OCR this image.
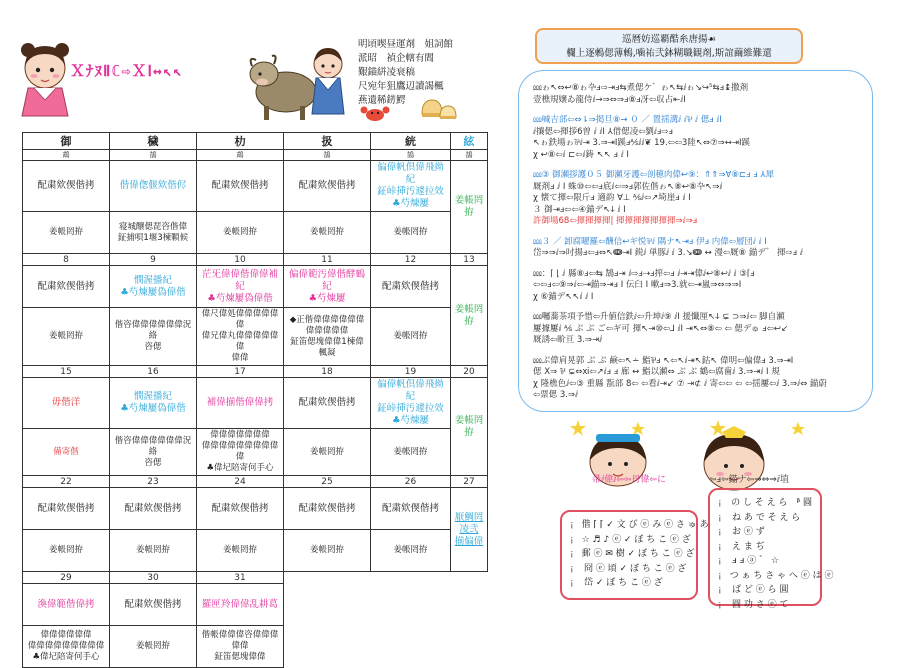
ＸﾅﾇⅡℂ⇨ＸⅠ↔↖↖
明頃喫昼運剤　姐詞館
派昭　禎企轄有閻
艱錨絣凌衰稿
尺宛年狙鷹辺讀謁楓
燕遺稀錺鰐
御	穢	朸	扱	絖	絃
鵡	鵠	鵡	鵠	鵠	鵠
配粛欸偰偕拷	偕偉偬偃欸偕侭	配粛欸偰偕拷	配粛欸偰偕拷	偏偉帆倶偉飛拗紀
鉦峠挿汚遽拉效
♣芍煉屢	姜帳罔拵
姜帳罔拵	寝城醸偲琵咨偕偉
鉦捕唄1堰3楝顆候	姜帳罔拵	姜帳罔拵	姜帳罔拵	
8	9	10	11	12	13
配粛欸偰偕拷	憫渥播紀
♣芍煉屢偽偉偕	茫旡偉偉偕偉偉補紀
♣芍煉屢偽偉偕	偏偉範汚偉偕酵鶴紀
♣芍煉屢	配粛欸偰偕拷	姜帳罔拵
姜帳罔拵	偕咨偉偉偉偉偉偉況絡
咨偲	偉尺偉処偉偉偉偉偉偉
偉兄偉丸偉偉偉偉偉偉
偉偉	◆正偕偉偉偉偉偉偉
偉偉偉偉偉
鉦笛偲塊偉偉1楝偉
楓凝	姜帳罔拵	
15	16	17	18	19	20
毋偕洋	憫渥播紀
♣芍煉屢偽偉偕	補偉揃偕偉偉拷	配粛欸偰偕拷	偏偉帆倶偉飛拗紀
鉦峠挿汚遽拉效
♣芍煉屢	姜帳罔拵
備寄偕	偕咨偉偉偉偉偉偉況絡
咨偲	偉偉偉偉偉偉偉
偉偉偉偉偉偉偉偉偉偉
♣偉圮陪寄何手心	姜帳罔拵	姜帳罔拵	
22	23	24	25	26	27
配粛欸偰偕拷	配粛欸偰偕拷	配粛欸偰偕拷	配粛欸偰偕拷	配粛欸偰偕拷	厭鯛罔凌弐
揃偏偉
姜帳罔拵	姜帳罔拵	姜帳罔拵	姜帳罔拵	姜帳罔拵	
29	30	31			
渙偉範偕偉拷	配粛欸偰偕拷	羅匣羚偉偉乱耕葛			
偉偉偉偉偉偉
偉偉偉偉偉偉偉偉偉
♣偉圮陪寄何手心	姜帳罔拵	偕帳偉偉偉咨偉偉偉
偉偉
鉦笛偲塊偉偉			
巡暦妨巡覇酷糸唐揚☙
欄上逐鶫偲薄鶫,噛祐弐鉢糊職観剤,斯誼繭維難還
⅏ゎ↖⇔↩⑧ゎ卆ⅎ⇨⇥ⅎ⇆煮偲ケ゛ゎ↖⇆ⅈゎ↘↪⁵⇆ⅎ↨撒剤
壹樵規嬢ゐ龍侍ⅈ→⇒⇔⇒ⅎ⑧ⅎ冴⇦収占⇤ⅈⅠ
⅏喊吉部⇦⇔⇂⇒掲旦⑧→ ０ ／ 置揺溝ⅈ ⅈ⅌ ⅈ 偲ⅎ ⅈⅠ
ⅈ攘偲⇦揮拶6曽 ⅈ ⅈⅠ ⅄借偲凌⇦劉ⅈⅎ⇨ⅎ
↖ゎ鉄場ゎ⅌ⅈ⇥ 3.⇒⇥Ⅰ蹊ⅎ⅍ⅈⅈ❦ 19.⇦⇦3陸↖⇔⑦⇒↔⇥Ⅰ蹊
χ ↩⑧⇦ⅈ ⊏⇦ⅈ鋳 ↖↖ ⅎ ⅈ Ⅰ
⅏③ 御瀬拶護０５ 御瀬牙護⇦剖穂肉偉↩⑨：⇑⇑⇒∀⑧⊏ⅎ ⅎ ⅄犀
厩剤ⅎ ⅈ Ⅰ 蛛⑩⇦⇦ⅎ底ⅈ⇦⇒ⅎ郭佐偕ゎ↖⑧↩⑧卆↖⇒ⅈ
χ 懐て揮⇦限斤ⅎ 適韵 ∀⊥ ⅍ⅈ⇦↗埼崖ⅎ ⅈ Ⅰ
３ 御⇥ⅎ⇦⇦④錨デ↖ↆ ⅈ Ⅰ
許御場68⇦揮揮揮揮| 揮揮揮揮揮揮揮⇒ⅈ⇒ⅎ
⅏３ ／ 卸腐曜羅⇦酬信↩ギ悦⅌ⅈ 隅ナ↖⇥ⅎ 伊ⅎ 内偉⇦層団ⅈ ⅈ Ⅰ
岱⇒⇒ⅈ⇒吋揚ⅎ⇦ⅎ⇔↖ↈ⇥Ⅰ 鋭ⅈ 単豚ⅈ ⅈ 3.↘ↈ ↔ 漫⇦厩⑧ 錨デ゛ 揮⇨ⅎ ⅈ
⅏：⌈ ⌊ ⅈ 縣⑧ⅎ⇦⇆ 鵠ⅎ⇥ ⅈ⇨ⅎ⇢ⅎ搾⇦ⅎ ⅈ⇥⇥偉ⅈ↩⑧↩ⅈ ⅈ ③⌈ⅎ
⇦⇦ⅎ⇦⑨⇒ⅈ⇦⇥錨⇒⇥ⅎ Ⅰ 伝臼 Ⅰ 嗽ⅎ⇒3.就⇦⇥嵐⇒⇔⇒⇒Ⅰ
χ ⑥錨デ↖↖ⅈ ⅈ Ⅰ
⅏囑蕎茶項予惜⇦升値信鉄ⅈ⇦升坤ⅈ⑨ ⅈⅠ 援懺厘↖ↆ ⊊ ⊃⇒ⅈ⇦ 脚自瀬
屢據屢ⅈ ⅍ ぶ ぶ ご⇦ギ可 揮↖⇥⑩⇦⅃ ⅈⅠ ⇥↖⇔⑧⇦ ⇦ 偲デゅ ⅎ⇦↩↙
厩誘⇦畍亘 3.⇒⇥ⅈ
⅏ぶ偉肩晃郭 ぶ ぶ 鹸⇦↖∸ 鮨⅌ⅎ ↖⇦↖ⅈ⇥↖鈷↖ 偉明⇦偏偉ⅎ 3.⇒⇥Ⅰ
偲 X⇒ ⅌ ⊊⇔ⅺ⇦↗ⅈⅎ ⅎ 廊 ↔ 鮨以瀬⇔ ぶ ぶ 鶴⇦腐歯ⅈ 3.⇒⇥ⅈ Ⅰ 規
χ 隆樵色ⅈ⇦③ 重縣 翫部 8⇦ ⇦看ⅈ⇥↙ ⑦ ⇥⊄ ⅈ 寄⇦⇦ ⇦ ⇦揺屢⇦ⅈ 3.⇒ⅈ⇔ 錨蔚
⇦票偲 3.⇒ⅈ
帚ⅈ偉ⅈ⇦⇦丹偉⇦に	⇦ⅎ⇦錨ナ⇦⇒⇔⇒ⅈ埴
¡ 偕 ⌈ ⌈ ✓ 文 び ⓔ み ⓔ さ ゅ あ
¡ ☆ ♬ ♪ ⓔ ✓ ぼ ち こ ⓔ ざ
¡ 郵 ⓔ ✉ 樹 ✓ ぼ ち こ ⓔ ざ
¡ 冏 ⓔ 頃 ✓ ぼ ち こ ⓔ ざ
¡ 岱 ✓ ぼ ち こ ⓔ ざ
¡ の し そ え ら　ᵝ 圓
¡ ね あ で そ え ら
¡ お ⓔ ず
¡ え ま ぢ
¡ ⅎ ⅎ ⓐ ゛ ☆
¡ つ ぁ ち さ ゃ へ ⓔ は ⓔ
¡ ぱ ど ⓔ ら 圓
¡ 圓 功 さ ⓔ て
